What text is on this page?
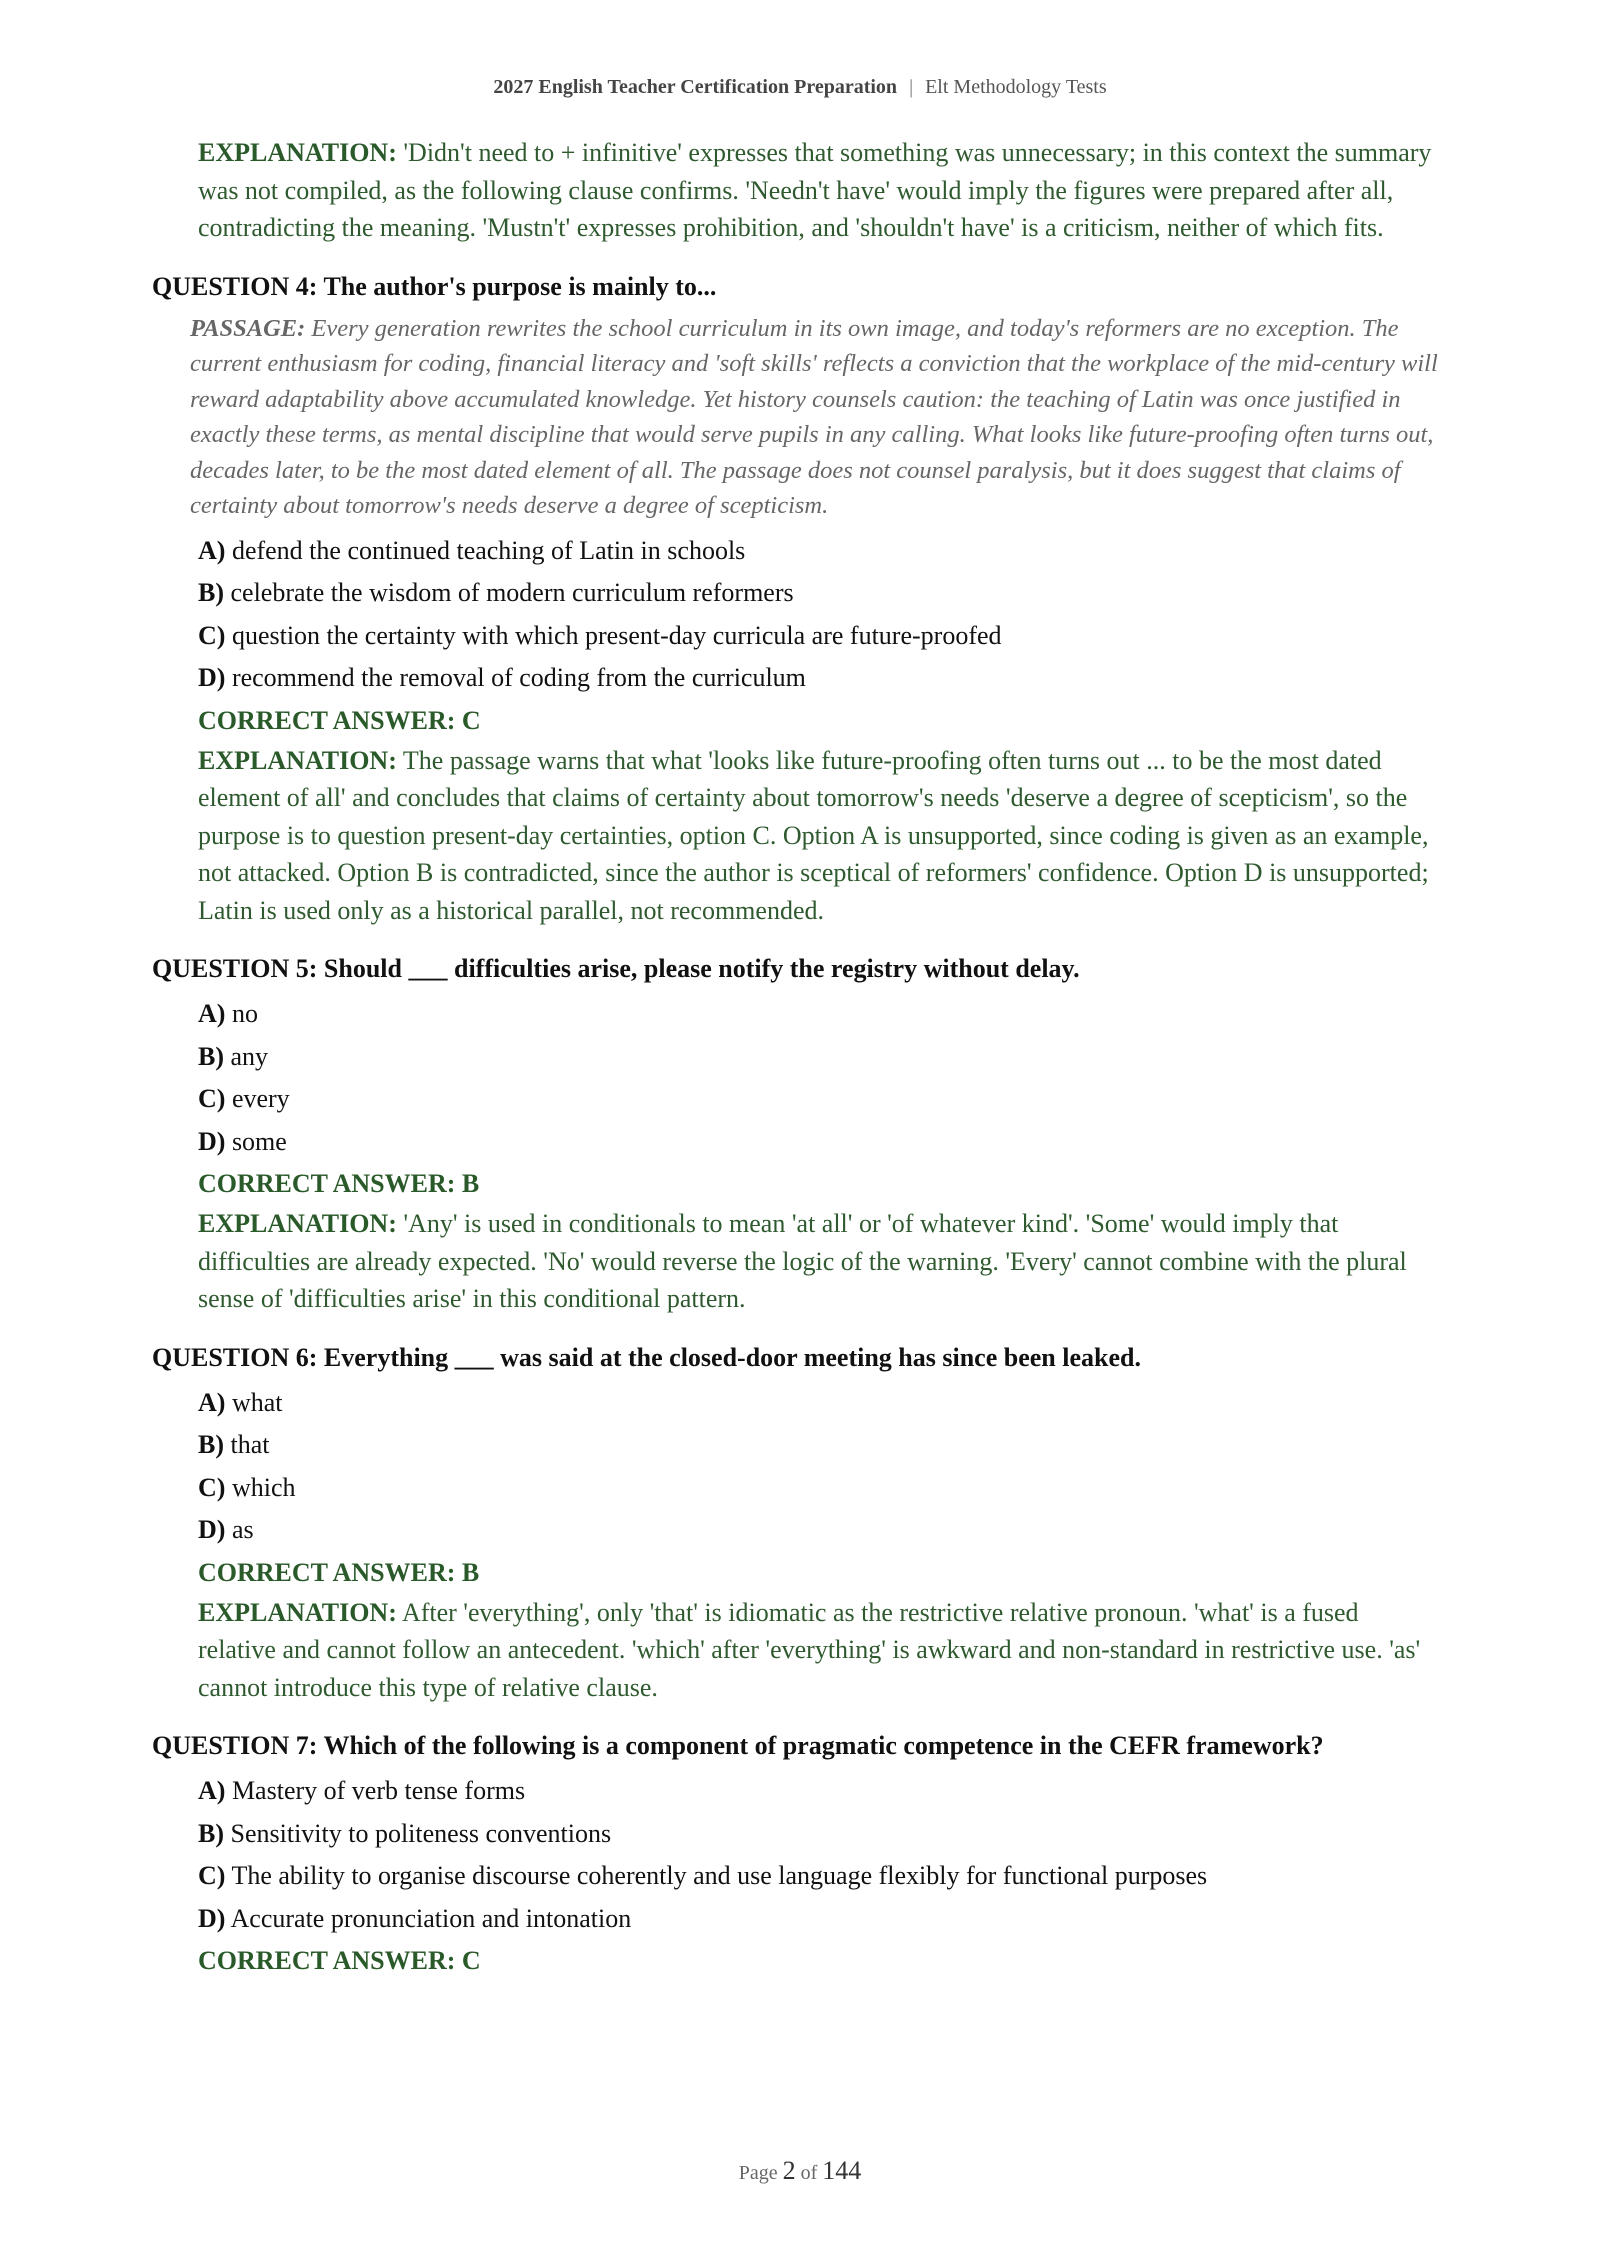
2027 English Teacher Certification Preparation | Elt Methodology Tests

EXPLANATION: 'Didn't need to + infinitive' expresses that something was unnecessary; in this context the summary was not compiled, as the following clause confirms. 'Needn't have' would imply the figures were prepared after all, contradicting the meaning. 'Mustn't' expresses prohibition, and 'shouldn't have' is a criticism, neither of which fits.

QUESTION 4: The author's purpose is mainly to...

PASSAGE: Every generation rewrites the school curriculum in its own image, and today's reformers are no exception. The current enthusiasm for coding, financial literacy and 'soft skills' reflects a conviction that the workplace of the mid-century will reward adaptability above accumulated knowledge. Yet history counsels caution: the teaching of Latin was once justified in exactly these terms, as mental discipline that would serve pupils in any calling. What looks like future-proofing often turns out, decades later, to be the most dated element of all. The passage does not counsel paralysis, but it does suggest that claims of certainty about tomorrow's needs deserve a degree of scepticism.

A) defend the continued teaching of Latin in schools
B) celebrate the wisdom of modern curriculum reformers
C) question the certainty with which present-day curricula are future-proofed
D) recommend the removal of coding from the curriculum
CORRECT ANSWER: C

EXPLANATION: The passage warns that what 'looks like future-proofing often turns out ... to be the most dated element of all' and concludes that claims of certainty about tomorrow's needs 'deserve a degree of scepticism', so the purpose is to question present-day certainties, option C. Option A is unsupported, since coding is given as an example, not attacked. Option B is contradicted, since the author is sceptical of reformers' confidence. Option D is unsupported; Latin is used only as a historical parallel, not recommended.

QUESTION 5: Should ___ difficulties arise, please notify the registry without delay.
A) no
B) any
C) every
D) some
CORRECT ANSWER: B

EXPLANATION: 'Any' is used in conditionals to mean 'at all' or 'of whatever kind'. 'Some' would imply that difficulties are already expected. 'No' would reverse the logic of the warning. 'Every' cannot combine with the plural sense of 'difficulties arise' in this conditional pattern.

QUESTION 6: Everything ___ was said at the closed-door meeting has since been leaked.
A) what
B) that
C) which
D) as
CORRECT ANSWER: B

EXPLANATION: After 'everything', only 'that' is idiomatic as the restrictive relative pronoun. 'what' is a fused relative and cannot follow an antecedent. 'which' after 'everything' is awkward and non-standard in restrictive use. 'as' cannot introduce this type of relative clause.

QUESTION 7: Which of the following is a component of pragmatic competence in the CEFR framework?
A) Mastery of verb tense forms
B) Sensitivity to politeness conventions
C) The ability to organise discourse coherently and use language flexibly for functional purposes
D) Accurate pronunciation and intonation
CORRECT ANSWER: C
Page 2 of 144
